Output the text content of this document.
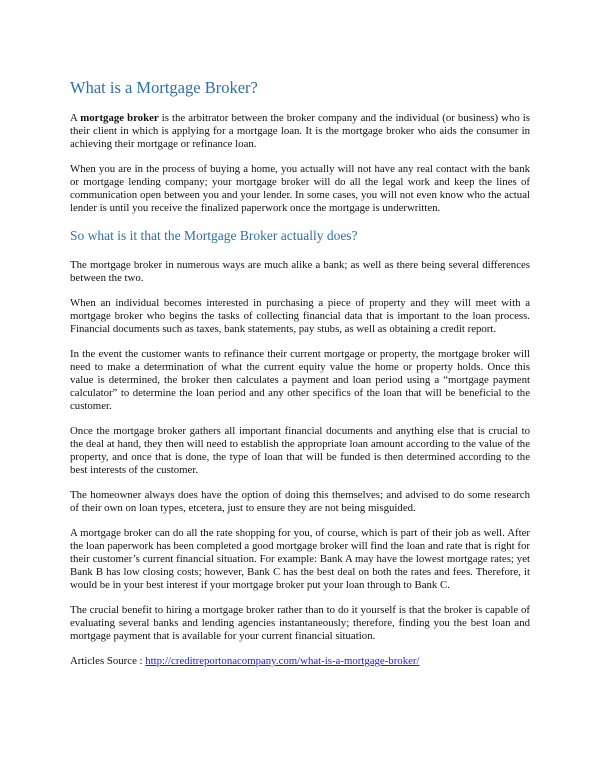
What is a Mortgage Broker?

A mortgage broker is the arbitrator between the broker company and the individual (or business) who is their client in which is applying for a mortgage loan. It is the mortgage broker who aids the consumer in achieving their mortgage or refinance loan.

When you are in the process of buying a home, you actually will not have any real contact with the bank or mortgage lending company; your mortgage broker will do all the legal work and keep the lines of communication open between you and your lender. In some cases, you will not even know who the actual lender is until you receive the finalized paperwork once the mortgage is underwritten.

So what is it that the Mortgage Broker actually does?

The mortgage broker in numerous ways are much alike a bank; as well as there being several differences between the two.

When an individual becomes interested in purchasing a piece of property and they will meet with a mortgage broker who begins the tasks of collecting financial data that is important to the loan process. Financial documents such as taxes, bank statements, pay stubs, as well as obtaining a credit report.

In the event the customer wants to refinance their current mortgage or property, the mortgage broker will need to make a determination of what the current equity value the home or property holds. Once this value is determined, the broker then calculates a payment and loan period using a “mortgage payment calculator” to determine the loan period and any other specifics of the loan that will be beneficial to the customer.

Once the mortgage broker gathers all important financial documents and anything else that is crucial to the deal at hand, they then will need to establish the appropriate loan amount according to the value of the property, and once that is done, the type of loan that will be funded is then determined according to the best interests of the customer.

The homeowner always does have the option of doing this themselves; and advised to do some research of their own on loan types, etcetera, just to ensure they are not being misguided.

A mortgage broker can do all the rate shopping for you, of course, which is part of their job as well. After the loan paperwork has been completed a good mortgage broker will find the loan and rate that is right for their customer’s current financial situation. For example: Bank A may have the lowest mortgage rates; yet Bank B has low closing costs; however, Bank C has the best deal on both the rates and fees. Therefore, it would be in your best interest if your mortgage broker put your loan through to Bank C.

The crucial benefit to hiring a mortgage broker rather than to do it yourself is that the broker is capable of evaluating several banks and lending agencies instantaneously; therefore, finding you the best loan and mortgage payment that is available for your current financial situation.

Articles Source : http://creditreportonacompany.com/what-is-a-mortgage-broker/
